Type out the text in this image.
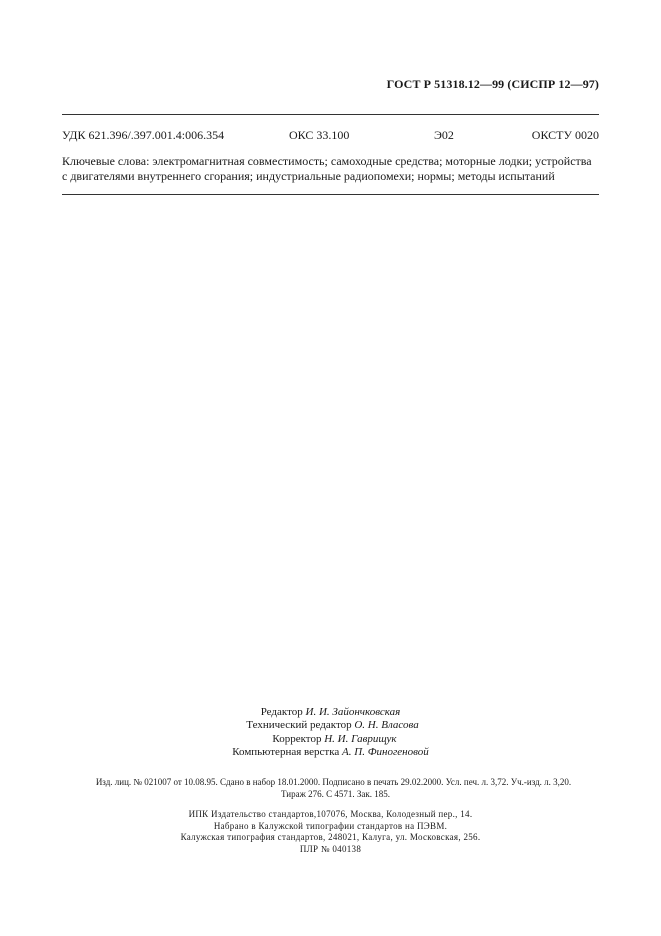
ГОСТ Р 51318.12—99 (СИСПР 12—97)
УДК 621.396/.397.001.4:006.354	ОКС 33.100	Э02	ОКСТУ 0020
Ключевые слова: электромагнитная совместимость; самоходные средства; моторные лодки; устройства
с двигателями внутреннего сгорания; индустриальные радиопомехи; нормы; методы испытаний
Редактор И. И. Зайончковская
Технический редактор О. Н. Власова
Корректор Н. И. Гаврищук
Компьютерная верстка А. П. Финогеновой
Изд. лиц. № 021007 от 10.08.95. Сдано в набор 18.01.2000. Подписано в печать 29.02.2000. Усл. печ. л. 3,72. Уч.-изд. л. 3,20.
Тираж 276. С 4571. Зак. 185.
ИПК Издательство стандартов,107076, Москва, Колодезный пер., 14.
Набрано в Калужской типографии стандартов на ПЭВМ.
Калужская типография стандартов, 248021, Калуга, ул. Московская, 256.
ПЛР № 040138
